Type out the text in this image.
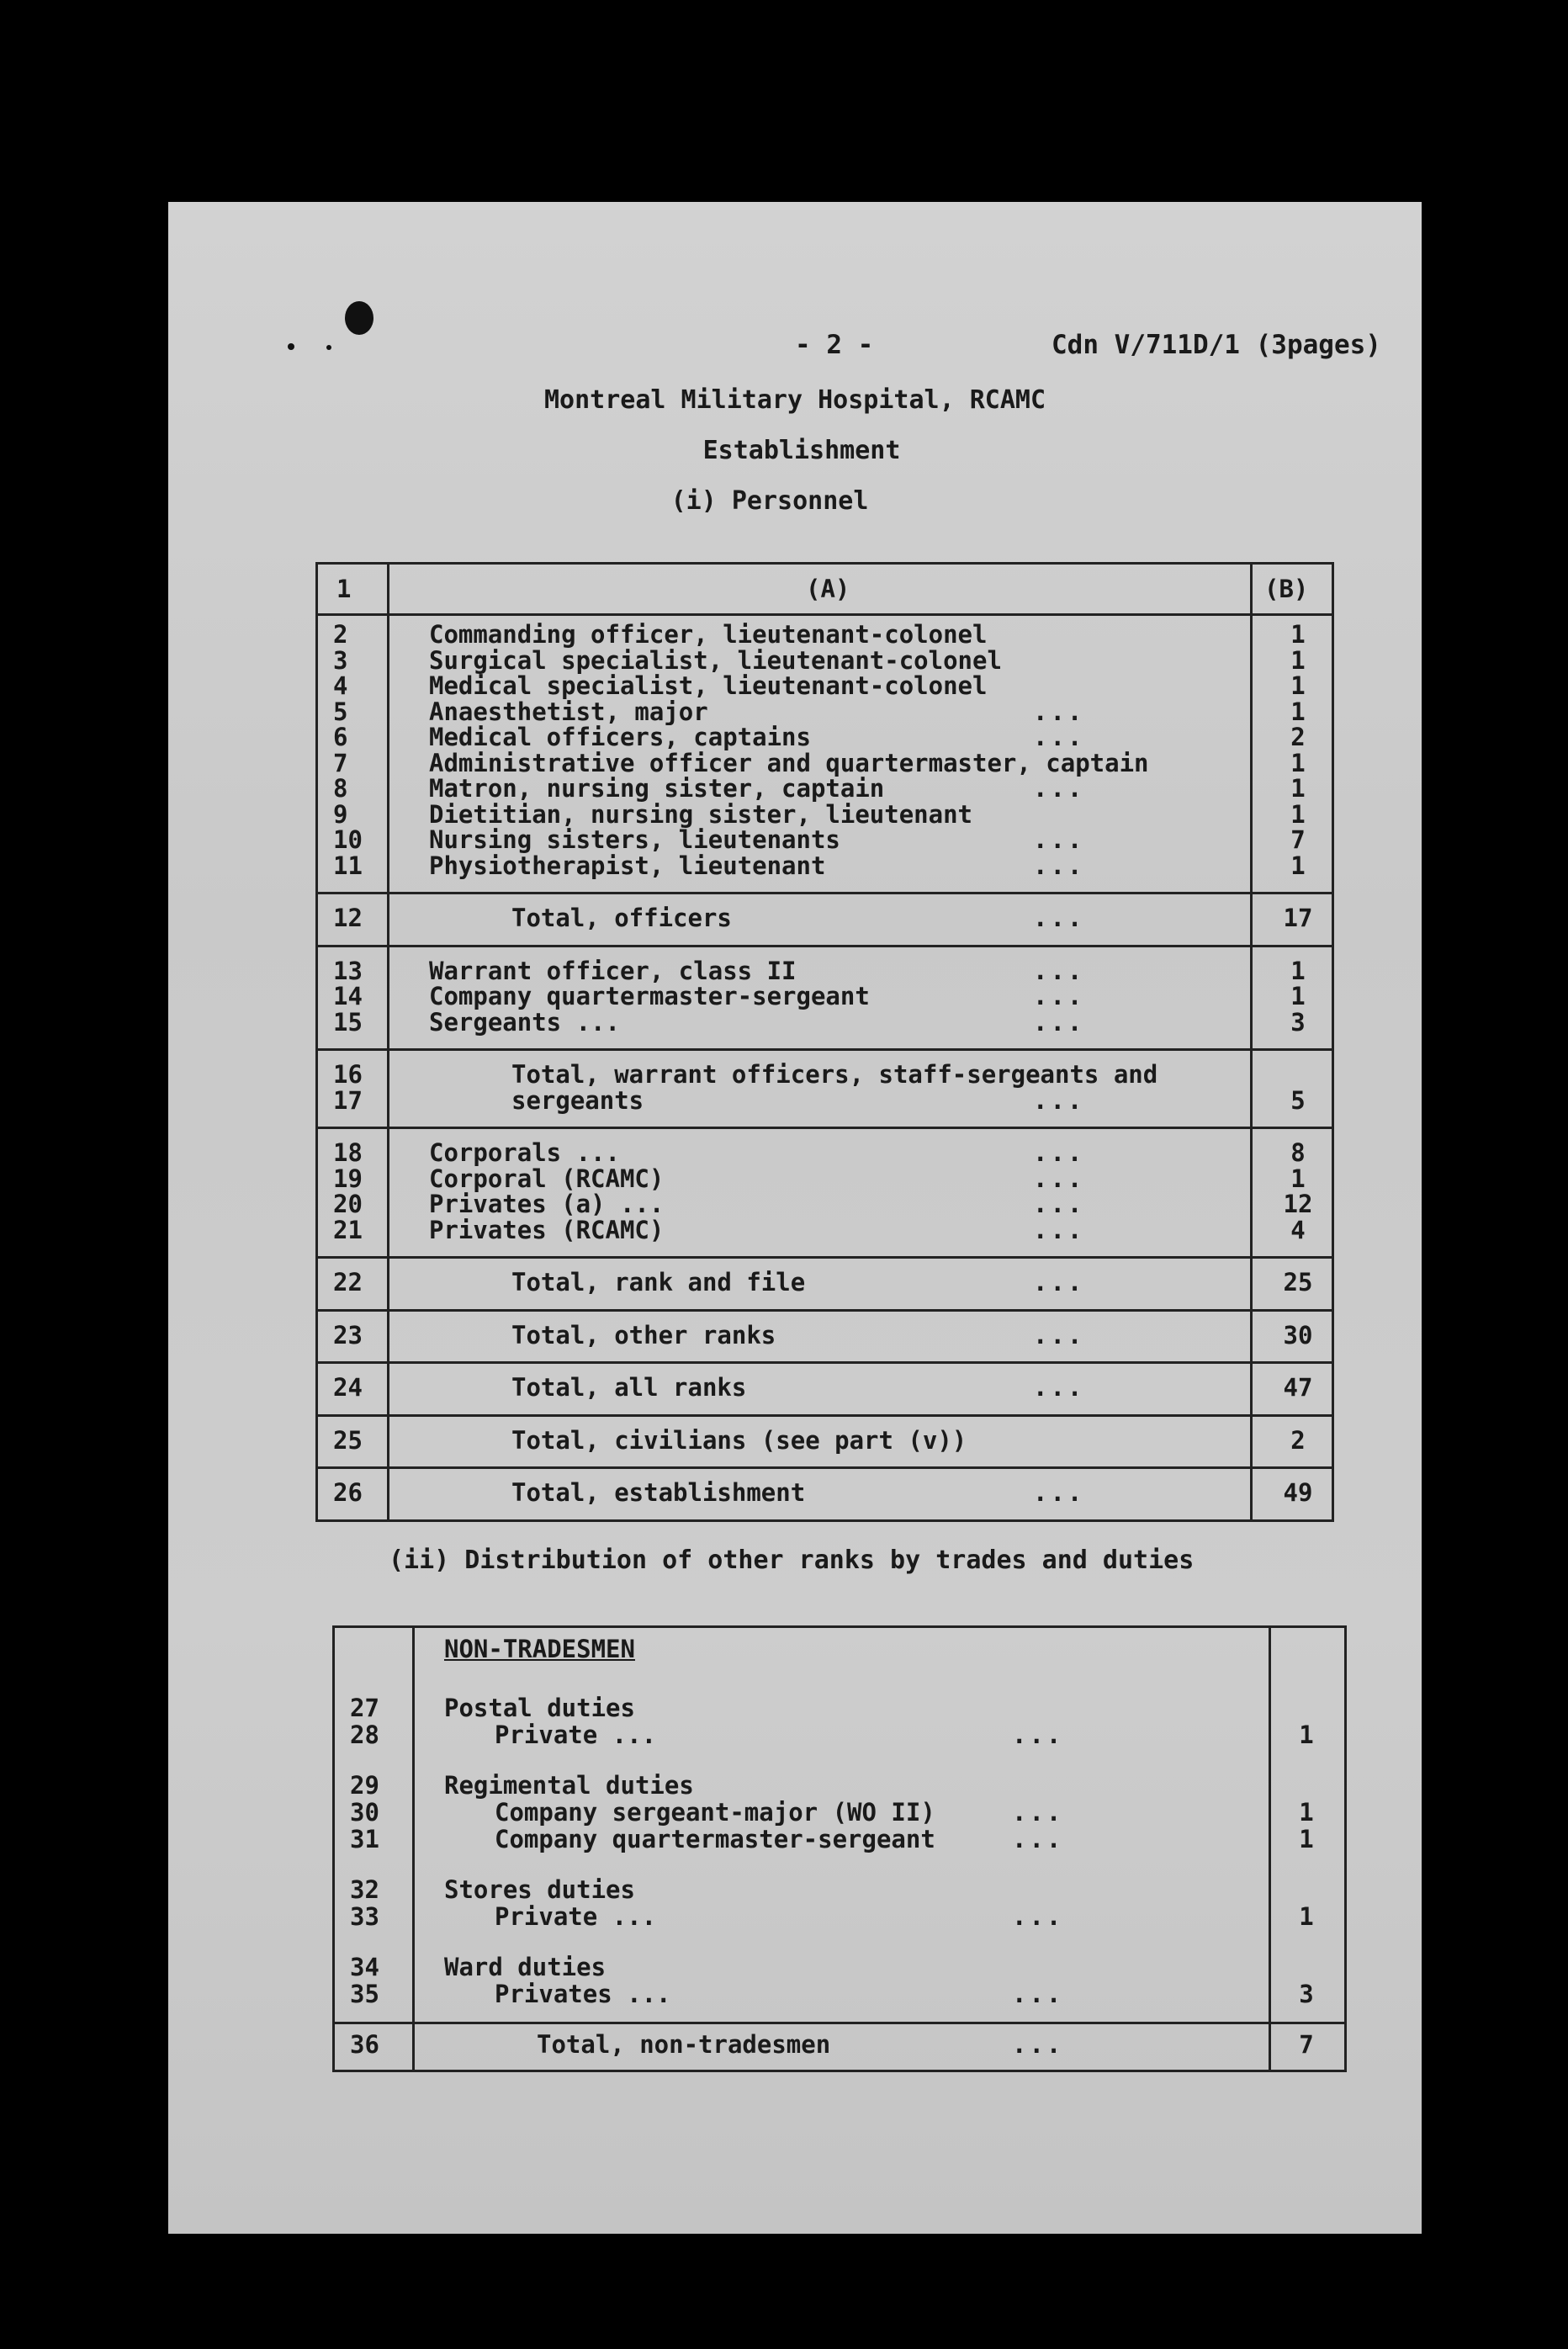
- 2 -	Cdn V/711D/1 (3pages)
Montreal Military Hospital, RCAMC
Establishment
(i) Personnel
1	(A)	(B)
2	Commanding officer, lieutenant-colonel	1
3	Surgical specialist, lieutenant-colonel	1
4	Medical specialist, lieutenant-colonel	1
5	Anaesthetist, major	...	1
6	Medical officers, captains	...	2
7	Administrative officer and quartermaster, captain	1
8	Matron, nursing sister, captain	...	1
9	Dietitian, nursing sister, lieutenant	1
10	Nursing sisters, lieutenants	...	7
11	Physiotherapist, lieutenant	...	1
12	Total, officers	...	17
13	Warrant officer, class II	...	1
14	Company quartermaster-sergeant	...	1
15	Sergeants ...	...	3
16	Total, warrant officers, staff-sergeants and
17	sergeants	...	5
18	Corporals ...	...	8
19	Corporal (RCAMC)	...	1
20	Privates (a) ...	...	12
21	Privates (RCAMC)	...	4
22	Total, rank and file	...	25
23	Total, other ranks	...	30
24	Total, all ranks	...	47
25	Total, civilians (see part (v))	2
26	Total, establishment	...	49
(ii) Distribution of other ranks by trades and duties
NON-TRADESMEN
27	Postal duties
28	Private ...	...	1
29	Regimental duties
30	Company sergeant-major (WO II)	...	1
31	Company quartermaster-sergeant	...	1
32	Stores duties
33	Private ...	...	1
34	Ward duties
35	Privates ...	...	3
36	Total, non-tradesmen	...	7
